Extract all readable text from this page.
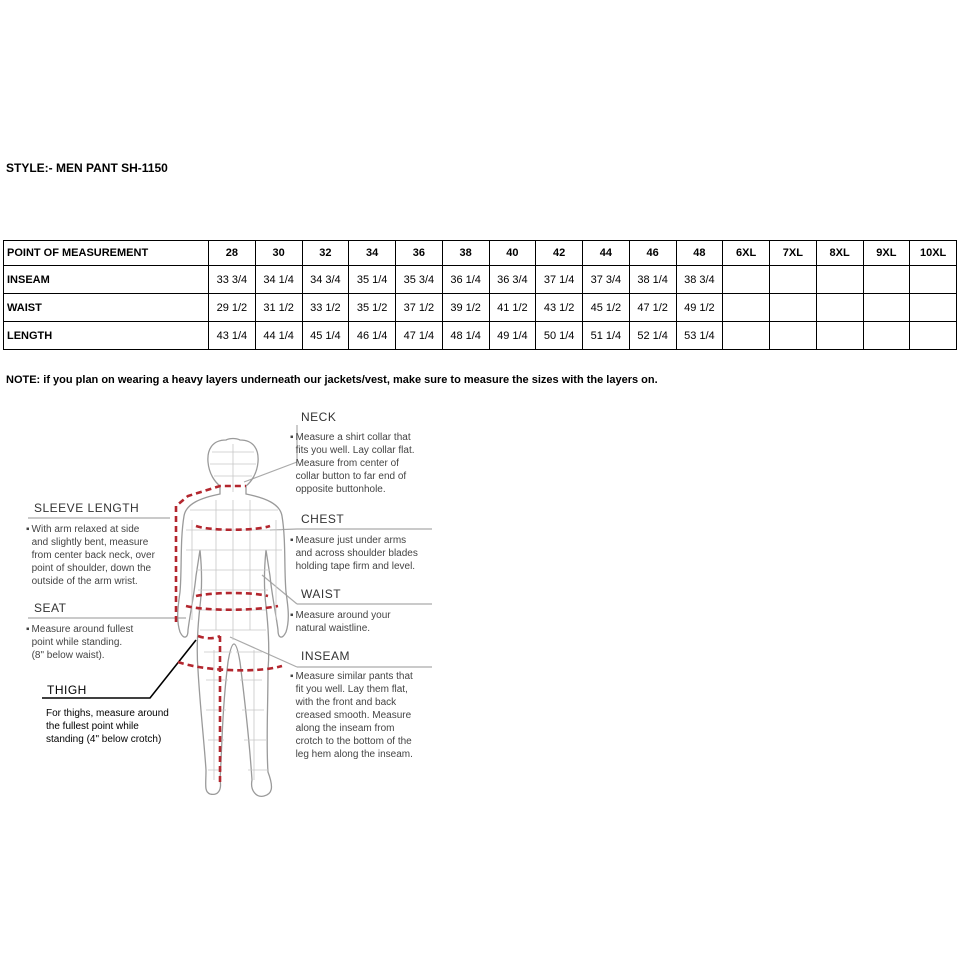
STYLE:- MEN PANT SH-1150
POINT OF MEASUREMENT	28	30	32	34	36	38	40	42	44	46	48	6XL	7XL	8XL	9XL	10XL
INSEAM	33 3/4	34 1/4	34 3/4	35 1/4	35 3/4	36 1/4	36 3/4	37 1/4	37 3/4	38 1/4	38 3/4					
WAIST	29 1/2	31 1/2	33 1/2	35 1/2	37 1/2	39 1/2	41 1/2	43 1/2	45 1/2	47 1/2	49 1/2					
LENGTH	43 1/4	44 1/4	45 1/4	46 1/4	47 1/4	48 1/4	49 1/4	50 1/4	51 1/4	52 1/4	53 1/4					
NOTE: if you plan on wearing a heavy layers underneath our jackets/vest, make sure to measure the sizes with the layers on.
NECK
▪ Measure a shirt collar that
fits you well. Lay collar flat.
Measure from center of
collar button to far end of
opposite buttonhole.
CHEST
▪ Measure just under arms
and across shoulder blades
holding tape firm and level.
WAIST
▪ Measure around your
natural waistline.
INSEAM
▪ Measure similar pants that
fit you well. Lay them flat,
with the front and back
creased smooth. Measure
along the inseam from
crotch to the bottom of the
leg hem along the inseam.
SLEEVE LENGTH
▪ With arm relaxed at side
and slightly bent, measure
from center back neck, over
point of shoulder, down the
outside of the arm wrist.
SEAT
▪ Measure around fullest
point while standing.
(8" below waist).
THIGH
For thighs, measure around
the fullest point while
standing (4" below crotch)
